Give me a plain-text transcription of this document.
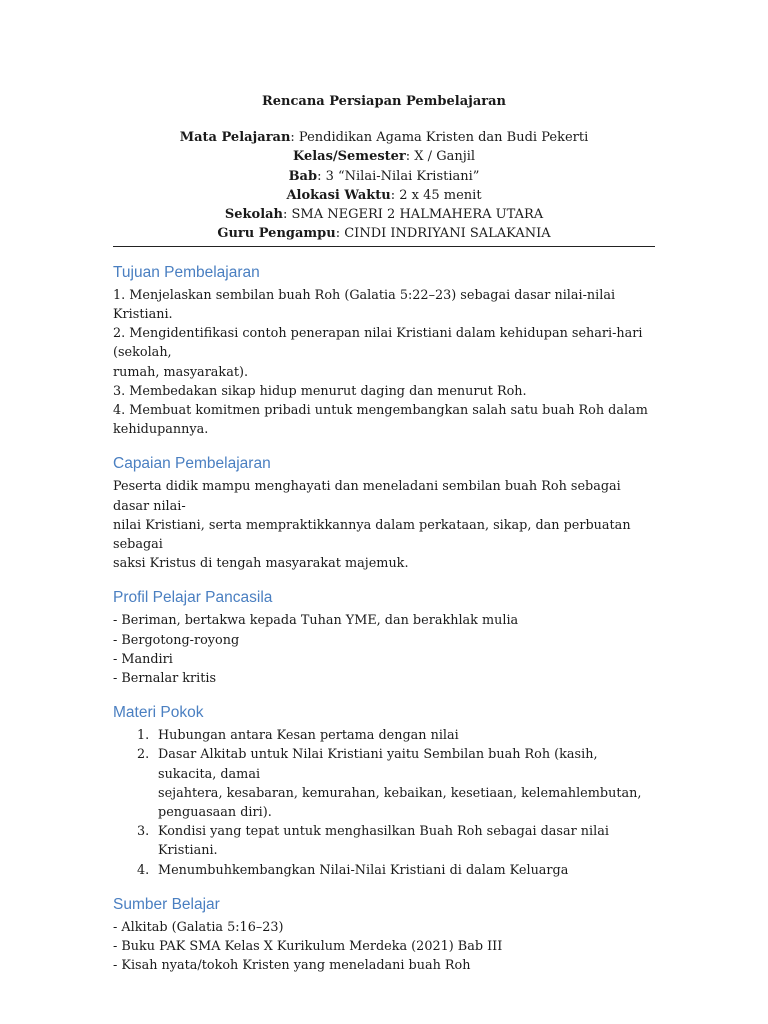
Rencana Persiapan Pembelajaran
Mata Pelajaran: Pendidikan Agama Kristen dan Budi Pekerti
Kelas/Semester: X / Ganjil
Bab: 3 “Nilai-Nilai Kristiani”
Alokasi Waktu: 2 x 45 menit
Sekolah: SMA NEGERI 2 HALMAHERA UTARA
Guru Pengampu: CINDI INDRIYANI SALAKANIA
Tujuan Pembelajaran
1. Menjelaskan sembilan buah Roh (Galatia 5:22–23) sebagai dasar nilai-nilai Kristiani.
2. Mengidentifikasi contoh penerapan nilai Kristiani dalam kehidupan sehari-hari (sekolah,
rumah, masyarakat).
3. Membedakan sikap hidup menurut daging dan menurut Roh.
4. Membuat komitmen pribadi untuk mengembangkan salah satu buah Roh dalam
kehidupannya.
Capaian Pembelajaran
Peserta didik mampu menghayati dan meneladani sembilan buah Roh sebagai dasar nilai-
nilai Kristiani, serta mempraktikkannya dalam perkataan, sikap, dan perbuatan sebagai
saksi Kristus di tengah masyarakat majemuk.
Profil Pelajar Pancasila
- Beriman, bertakwa kepada Tuhan YME, dan berakhlak mulia
- Bergotong-royong
- Mandiri
- Bernalar kritis
Materi Pokok
1. Hubungan antara Kesan pertama dengan nilai
2. Dasar Alkitab untuk Nilai Kristiani yaitu Sembilan buah Roh (kasih, sukacita, damai
sejahtera, kesabaran, kemurahan, kebaikan, kesetiaan, kelemahlembutan,
penguasaan diri).
3. Kondisi yang tepat untuk menghasilkan Buah Roh sebagai dasar nilai Kristiani.
4. Menumbuhkembangkan Nilai-Nilai Kristiani di dalam Keluarga
Sumber Belajar
- Alkitab (Galatia 5:16–23)
- Buku PAK SMA Kelas X Kurikulum Merdeka (2021) Bab III
- Kisah nyata/tokoh Kristen yang meneladani buah Roh
